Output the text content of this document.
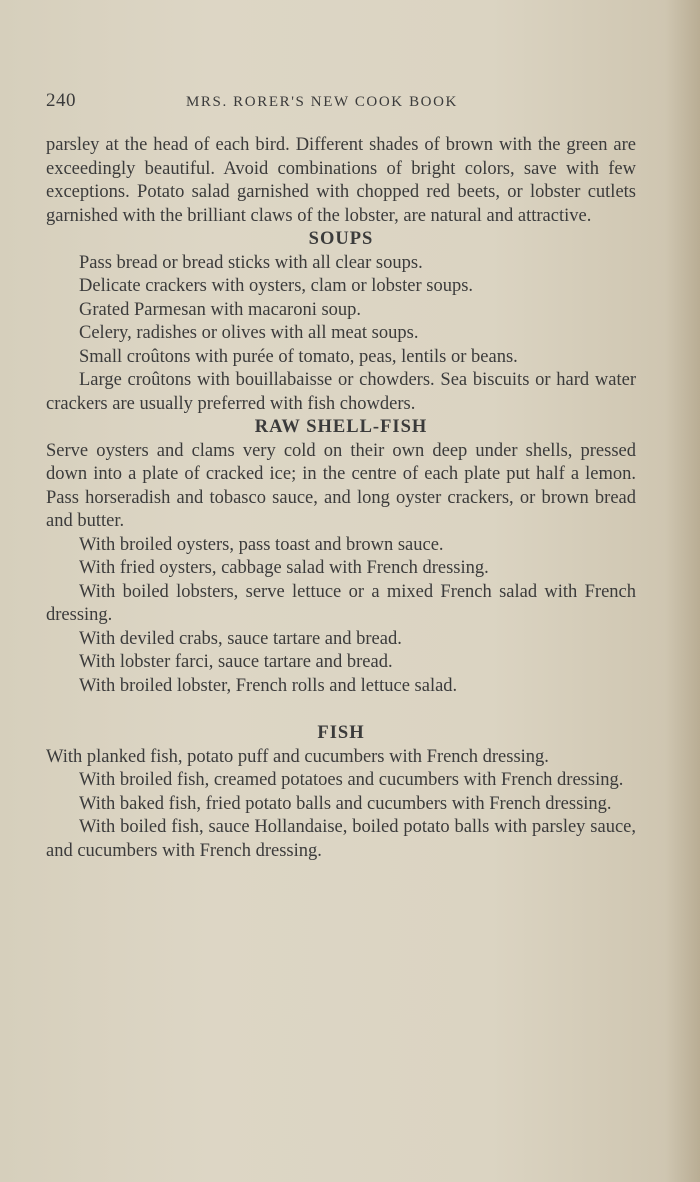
240	MRS. RORER'S NEW COOK BOOK

parsley at the head of each bird. Different shades of brown with the green are exceedingly beautiful. Avoid combinations of bright colors, save with few exceptions. Potato salad garnished with chopped red beets, or lobster cutlets garnished with the brilliant claws of the lobster, are natural and attractive.

SOUPS

Pass bread or bread sticks with all clear soups.

Delicate crackers with oysters, clam or lobster soups.

Grated Parmesan with macaroni soup.

Celery, radishes or olives with all meat soups.

Small croûtons with purée of tomato, peas, lentils or beans.

Large croûtons with bouillabaisse or chowders. Sea biscuits or hard water crackers are usually preferred with fish chowders.

RAW SHELL-FISH

Serve oysters and clams very cold on their own deep under shells, pressed down into a plate of cracked ice; in the centre of each plate put half a lemon. Pass horseradish and tobasco sauce, and long oyster crackers, or brown bread and butter.

With broiled oysters, pass toast and brown sauce.

With fried oysters, cabbage salad with French dressing.

With boiled lobsters, serve lettuce or a mixed French salad with French dressing.

With deviled crabs, sauce tartare and bread.

With lobster farci, sauce tartare and bread.

With broiled lobster, French rolls and lettuce salad.

FISH

With planked fish, potato puff and cucumbers with French dressing.

With broiled fish, creamed potatoes and cucumbers with French dressing.

With baked fish, fried potato balls and cucumbers with French dressing.

With boiled fish, sauce Hollandaise, boiled potato balls with parsley sauce, and cucumbers with French dressing.
